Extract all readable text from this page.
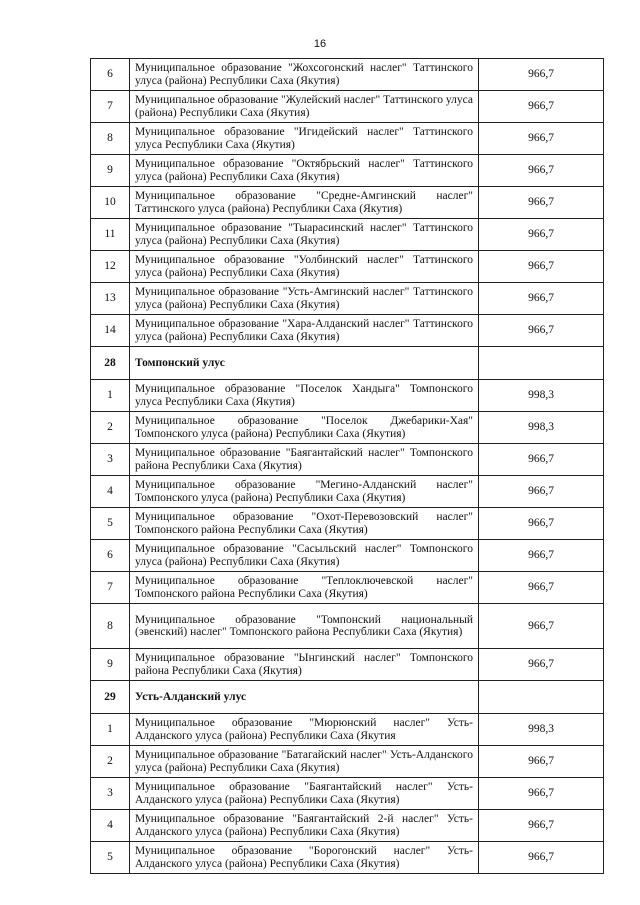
16
6	Муниципальное образование "Жохсогонский наслег" Таттинского улуса (района) Республики Саха (Якутия)	966,7
7	Муниципальное образование "Жулейский наслег" Таттинского улуса (района) Республики Саха (Якутия)	966,7
8	Муниципальное образование "Игидейский наслег" Таттинского улуса Республики Саха (Якутия)	966,7
9	Муниципальное образование "Октябрьский наслег" Таттинского улуса (района) Республики Саха (Якутия)	966,7
10	Муниципальное образование "Средне-Амгинский наслег" Таттинского улуса (района) Республики Саха (Якутия)	966,7
11	Муниципальное образование "Тыарасинский наслег" Таттинского улуса (района) Республики Саха (Якутия)	966,7
12	Муниципальное образование "Уолбинский наслег" Таттинского улуса (района) Республики Саха (Якутия)	966,7
13	Муниципальное образование "Усть-Амгинский наслег" Таттинского улуса (района) Республики Саха (Якутия)	966,7
14	Муниципальное образование "Хара-Алданский наслег" Таттинского улуса (района) Республики Саха (Якутия)	966,7
28	Томпонский улус	
1	Муниципальное образование "Поселок Хандыга" Томпонского улуса Республики Саха (Якутия)	998,3
2	Муниципальное образование "Поселок Джебарики-Хая" Томпонского улуса (района) Республики Саха (Якутия)	998,3
3	Муниципальное образование "Баягантайский наслег" Томпонского района Республики Саха (Якутия)	966,7
4	Муниципальное образование "Мегино-Алданский наслег" Томпонского улуса (района) Республики Саха (Якутия)	966,7
5	Муниципальное образование "Охот-Перевозовский наслег" Томпонского района Республики Саха (Якутия)	966,7
6	Муниципальное образование "Сасыльский наслег" Томпонского улуса (района) Республики Саха (Якутия)	966,7
7	Муниципальное образование "Теплоключевской наслег" Томпонского района Республики Саха (Якутия)	966,7
8	Муниципальное образование "Томпонский национальный (эвенский) наслег" Томпонского района Республики Саха (Якутия)	966,7
9	Муниципальное образование "Ынгинский наслег" Томпонского района Республики Саха (Якутия)	966,7
29	Усть-Алданский улус	
1	Муниципальное образование "Мюрюнский наслег" Усть-Алданского улуса (района) Республики Саха (Якутия	998,3
2	Муниципальное образование "Батагайский наслег" Усть-Алданского улуса (района) Республики Саха (Якутия)	966,7
3	Муниципальное образование "Баягантайский наслег" Усть-Алданского улуса (района) Республики Саха (Якутия)	966,7
4	Муниципальное образование "Баягантайский 2-й наслег" Усть-Алданского улуса (района) Республики Саха (Якутия)	966,7
5	Муниципальное образование "Борогонский наслег" Усть-Алданского улуса (района) Республики Саха (Якутия)	966,7
